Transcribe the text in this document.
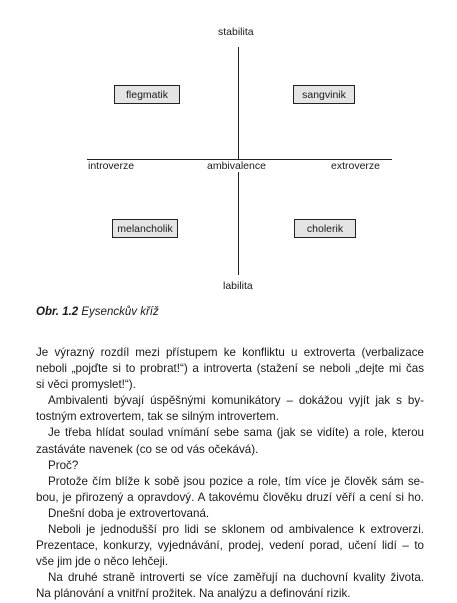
stabilita
labilita
introverze	ambivalence	extroverze
flegmatik	sangvinik
melancholik	cholerik
Obr. 1.2 Eysenckův kříž
Je výrazný rozdíl mezi přístupem ke konfliktu u extroverta (verbalizace
neboli „pojďte si to probrat!“) a introverta (stažení se neboli „dejte mi čas
si věci promyslet!“).
Ambivalenti bývají úspěšnými komunikátory – dokážou vyjít jak s by-
tostným extrovertem, tak se silným introvertem.
Je třeba hlídat soulad vnímání sebe sama (jak se vidíte) a role, kterou
zastáváte navenek (co se od vás očekává).
Proč?
Protože čím blíže k sobě jsou pozice a role, tím více je člověk sám se-
bou, je přirozený a opravdový. A takovému člověku druzí věří a cení si ho.
Dnešní doba je extrovertovaná.
Neboli je jednodušší pro lidi se sklonem od ambivalence k extroverzi.
Prezentace, konkurzy, vyjednávání, prodej, vedení porad, učení lidí – to
vše jim jde o něco lehčeji.
Na druhé straně introverti se více zaměřují na duchovní kvality života.
Na plánování a vnitřní prožitek. Na analýzu a definování rizik.
